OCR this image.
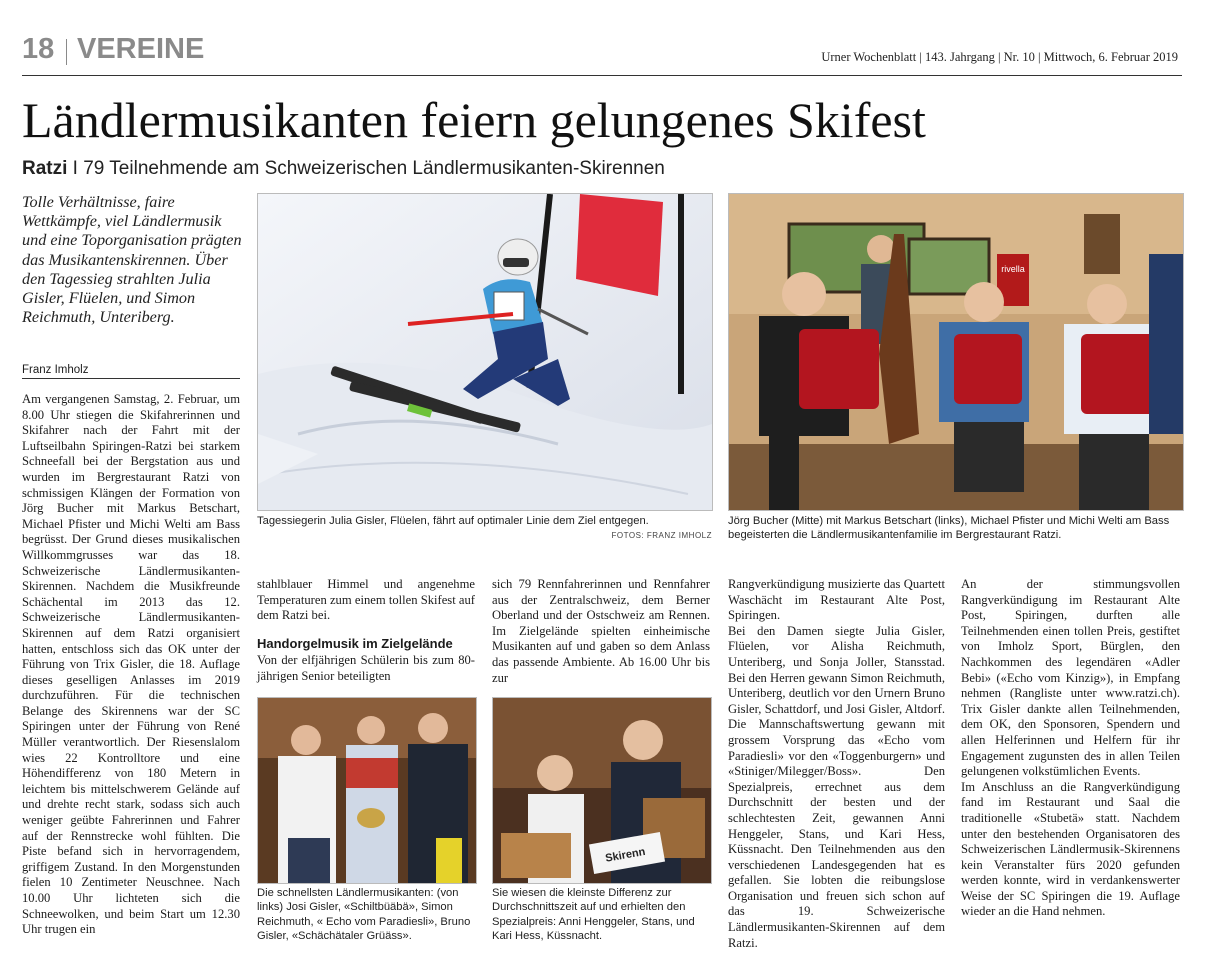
18 VEREINE	Urner Wochenblatt | 143. Jahrgang | Nr. 10 | Mittwoch, 6. Februar 2019
Ländlermusikanten feiern gelungenes Skifest
Ratzi I 79 Teilnehmende am Schweizerischen Ländlermusikanten-Skirennen
Tolle Verhältnisse, faire Wettkämpfe, viel Ländlermusik und eine Toporganisation prägten das Musikantenskirennen. Über den Tagessieg strahlten Julia Gisler, Flüelen, und Simon Reichmuth, Unteriberg.
Franz Imholz

Am vergangenen Samstag, 2. Februar, um 8.00 Uhr stiegen die Skifahrerinnen und Skifahrer nach der Fahrt mit der Luftseilbahn Spiringen-Ratzi bei starkem Schneefall bei der Bergstation aus und wurden im Bergrestaurant Ratzi von schmissigen Klängen der Formation von Jörg Bucher mit Markus Betschart, Michael Pfister und Michi Welti am Bass begrüsst. Der Grund dieses musikalischen Willkommgrusses war das 18. Schweizerische Ländlermusikanten-Skirennen. Nachdem die Musikfreunde Schächental im 2013 das 12. Schweizerische Ländlermusikanten-Skirennen auf dem Ratzi organisiert hatten, entschloss sich das OK unter der Führung von Trix Gisler, die 18. Auflage dieses geselligen Anlasses im 2019 durchzuführen. Für die technischen Belange des Skirennens war der SC Spiringen unter der Führung von René Müller verantwortlich. Der Riesenslalom wies 22 Kontrolltore und eine Höhendifferenz von 180 Metern in leichtem bis mittelschwerem Gelände auf und drehte recht stark, sodass sich auch weniger geübte Fahrerinnen und Fahrer auf der Rennstrecke wohl fühlten. Die Piste befand sich in hervorragendem, griffigem Zustand. In den Morgenstunden fielen 10 Zentimeter Neuschnee. Nach 10.00 Uhr lichteten sich die Schneewolken, und beim Start um 12.30 Uhr trugen ein

Tagessiegerin Julia Gisler, Flüelen, fährt auf optimaler Linie dem Ziel entgegen.
FOTOS: FRANZ IMHOLZ
rivella
Jörg Bucher (Mitte) mit Markus Betschart (links), Michael Pfister und Michi Welti am Bass begeisterten die Ländlermusikantenfamilie im Bergrestaurant Ratzi.

stahlblauer Himmel und angenehme Temperaturen zum einem tollen Skifest auf dem Ratzi bei.

Handorgelmusik im Zielgelände

Von der elfjährigen Schülerin bis zum 80-jährigen Senior beteiligten

Die schnellsten Ländlermusikanten: (von links) Josi Gisler, «Schiltbüäbä», Simon Reichmuth, « Echo vom Paradiesli», Bruno Gisler, «Schächätaler Grüäss».

sich 79 Rennfahrerinnen und Rennfahrer aus der Zentralschweiz, dem Berner Oberland und der Ostschweiz am Rennen. Im Zielgelände spielten einheimische Musikanten auf und gaben so dem Anlass das passende Ambiente. Ab 16.00 Uhr bis zur

Skirenn
Sie wiesen die kleinste Differenz zur Durchschnittszeit auf und erhielten den Spezialpreis: Anni Henggeler, Stans, und Kari Hess, Küssnacht.

Rangverkündigung musizierte das Quartett Waschächt im Restaurant Alte Post, Spiringen.

Bei den Damen siegte Julia Gisler, Flüelen, vor Alisha Reichmuth, Unteriberg, und Sonja Joller, Stansstad. Bei den Herren gewann Simon Reichmuth, Unteriberg, deutlich vor den Urnern Bruno Gisler, Schattdorf, und Josi Gisler, Altdorf. Die Mannschaftswertung gewann mit grossem Vorsprung das «Echo vom Paradiesli» vor den «Toggenburgern» und «Stiniger/Milegger/Boss». Den Spezialpreis, errechnet aus dem Durchschnitt der besten und der schlechtesten Zeit, gewannen Anni Henggeler, Stans, und Kari Hess, Küssnacht. Den Teilnehmenden aus den verschiedenen Landesgegenden hat es gefallen. Sie lobten die reibungslose Organisation und freuen sich schon auf das 19. Schweizerische Ländlermusikanten-Skirennen auf dem Ratzi.

An der stimmungsvollen Rangverkündigung im Restaurant Alte Post, Spiringen, durften alle Teilnehmenden einen tollen Preis, gestiftet von Imholz Sport, Bürglen, den Nachkommen des legendären «Adler Bebi» («Echo vom Kinzig»), in Empfang nehmen (Rangliste unter www.ratzi.ch). Trix Gisler dankte allen Teilnehmenden, dem OK, den Sponsoren, Spendern und allen Helferinnen und Helfern für ihr Engagement zugunsten des in allen Teilen gelungenen volkstümlichen Events.

Im Anschluss an die Rangverkündigung fand im Restaurant und Saal die traditionelle «Stubetä» statt. Nachdem unter den bestehenden Organisatoren des Schweizerischen Ländlermusik-Skirennens kein Veranstalter fürs 2020 gefunden werden konnte, wird in verdankenswerter Weise der SC Spiringen die 19. Auflage wieder an die Hand nehmen.
